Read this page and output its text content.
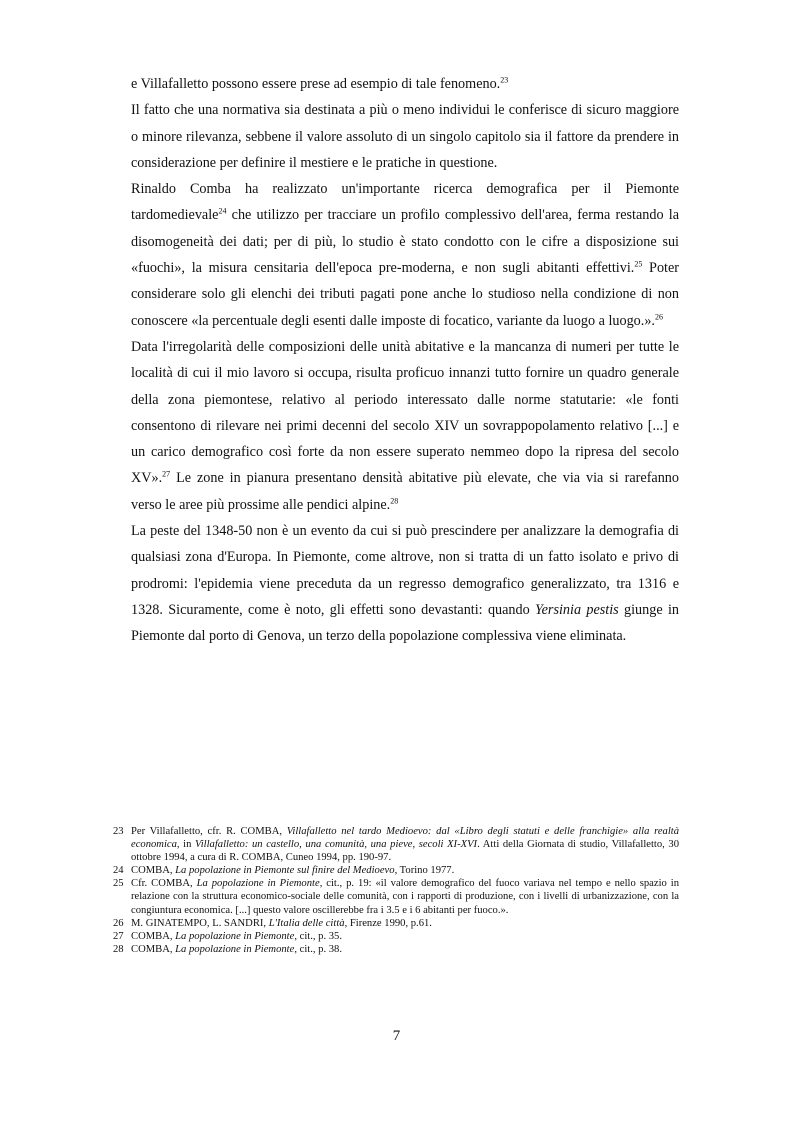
e Villafalletto possono essere prese ad esempio di tale fenomeno.$^{23}$

Il fatto che una normativa sia destinata a più o meno individui le conferisce di sicuro maggiore o minore rilevanza, sebbene il valore assoluto di un singolo capitolo sia il fattore da prendere in considerazione per definire il mestiere e le pratiche in questione.

Rinaldo Comba ha realizzato un'importante ricerca demografica per il Piemonte tardomedievale$^{24}$ che utilizzo per tracciare un profilo complessivo dell'area, ferma restando la disomogeneità dei dati; per di più, lo studio è stato condotto con le cifre a disposizione sui «fuochi», la misura censitaria dell'epoca pre-moderna, e non sugli abitanti effettivi.$^{25}$ Poter considerare solo gli elenchi dei tributi pagati pone anche lo studioso nella condizione di non conoscere «la percentuale degli esenti dalle imposte di focatico, variante da luogo a luogo.».$^{26}$

Data l'irregolarità delle composizioni delle unità abitative e la mancanza di numeri per tutte le località di cui il mio lavoro si occupa, risulta proficuo innanzi tutto fornire un quadro generale della zona piemontese, relativo al periodo interessato dalle norme statutarie: «le fonti consentono di rilevare nei primi decenni del secolo XIV un sovrappopolamento relativo [...] e un carico demografico così forte da non essere superato nemmeo dopo la ripresa del secolo XV».$^{27}$ Le zone in pianura presentano densità abitative più elevate, che via via si rarefanno verso le aree più prossime alle pendici alpine.$^{28}$

La peste del 1348-50 non è un evento da cui si può prescindere per analizzare la demografia di qualsiasi zona d'Europa. In Piemonte, come altrove, non si tratta di un fatto isolato e privo di prodromi: l'epidemia viene preceduta da un regresso demografico generalizzato, tra 1316 e 1328. Sicuramente, come è noto, gli effetti sono devastanti: quando Yersinia pestis giunge in Piemonte dal porto di Genova, un terzo della popolazione complessiva viene eliminata.

23 Per Villafalletto, cfr. R. COMBA, Villafalletto nel tardo Medioevo: dal «Libro degli statuti e delle franchigie» alla realtà economica, in Villafalletto: un castello, una comunità, una pieve, secoli XI-XVI. Atti della Giornata di studio, Villafalletto, 30 ottobre 1994, a cura di R. COMBA, Cuneo 1994, pp. 190-97.

24 COMBA, La popolazione in Piemonte sul finire del Medioevo, Torino 1977.

25 Cfr. COMBA, La popolazione in Piemonte, cit., p. 19: «il valore demografico del fuoco variava nel tempo e nello spazio in relazione con la struttura economico-sociale delle comunità, con i rapporti di produzione, con i livelli di urbanizzazione, con la congiuntura economica. [...] questo valore oscillerebbe fra i 3.5 e i 6 abitanti per fuoco.».

26 M. GINATEMPO, L. SANDRI, L'Italia delle città, Firenze 1990, p.61.

27 COMBA, La popolazione in Piemonte, cit., p. 35.

28 COMBA, La popolazione in Piemonte, cit., p. 38.

7
